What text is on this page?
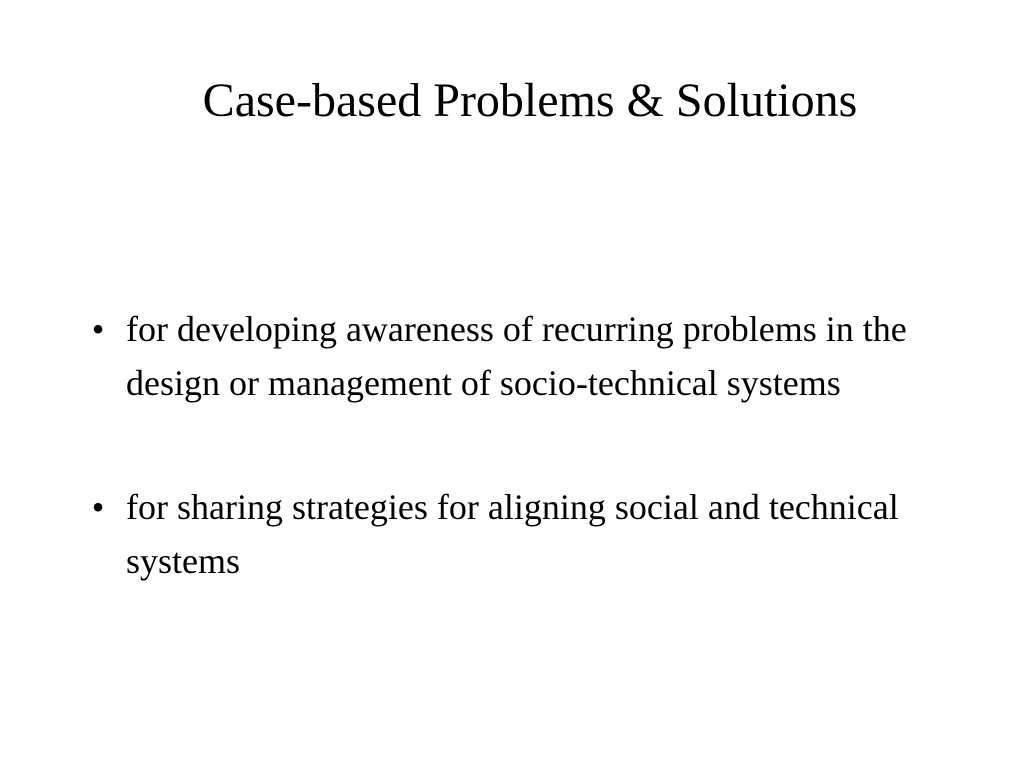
Case-based Problems & Solutions
• for developing awareness of recurring problems in the design or management of socio-technical systems
• for sharing strategies for aligning social and technical systems
